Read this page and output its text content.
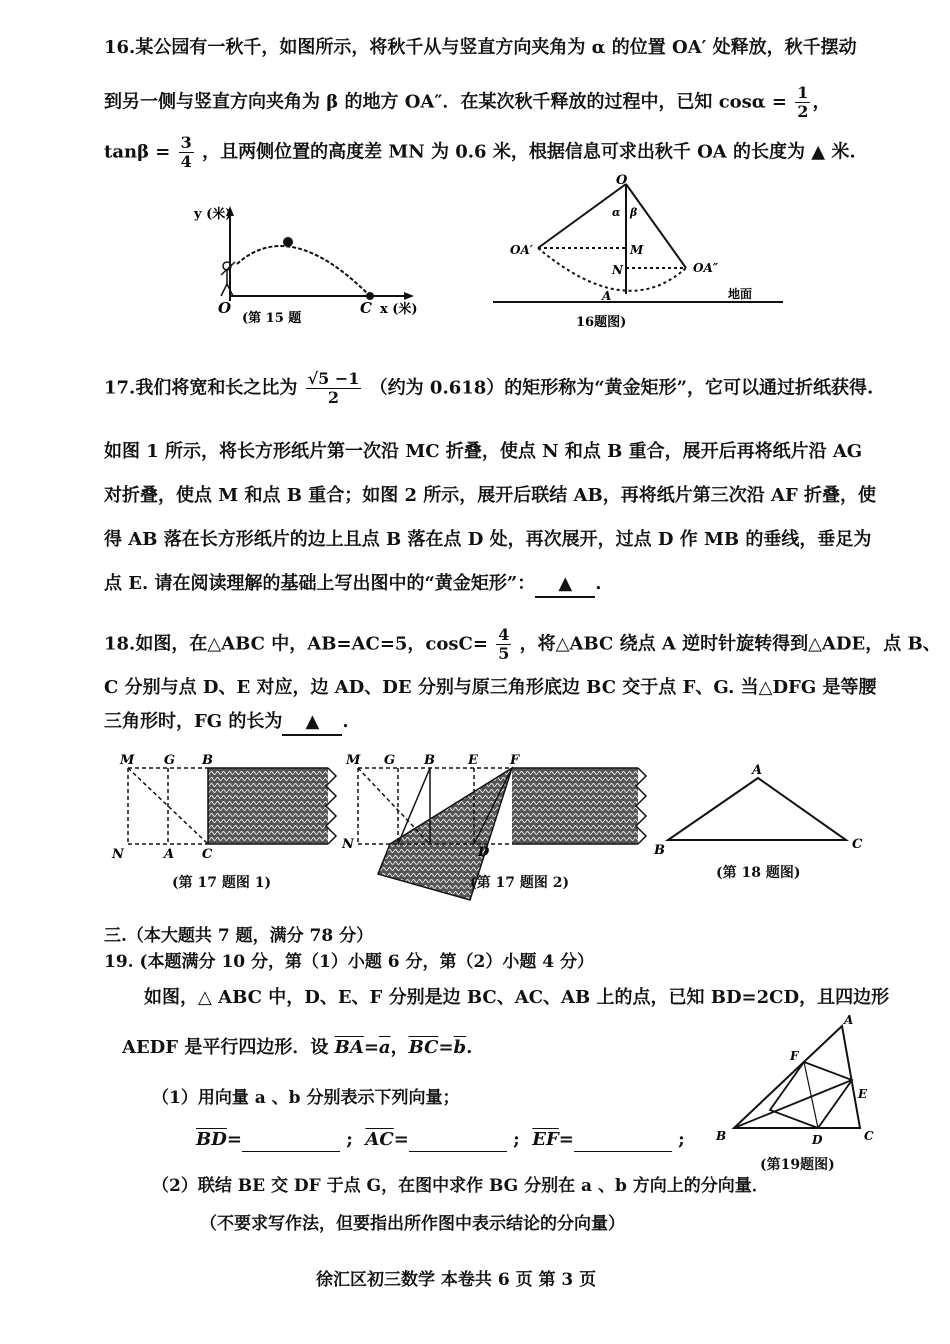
16.某公园有一秋千，如图所示，将秋千从与竖直方向夹角为 α 的位置 OA′ 处释放，秋千摆动
到另一侧与竖直方向夹角为 β 的地方 OA″．在某次秋千释放的过程中，已知 $\cos\alpha = \frac{1}{2}$ ，
$\tan\beta = \frac{3}{4}$ ，且两侧位置的高度差 MN 为 0.6 米，根据信息可求出秋千 OA 的长度为 ▲ 米.
y (米)
O	C x (米)
(第 15 题
O
α β
OA′
OA″
M
N
A	地面
16题图)
17.我们将宽和长之比为 $\frac{√5 -1}{2}$ （约为 0.618）的矩形称为“黄金矩形”，它可以通过折纸获得.
如图 1 所示，将长方形纸片第一次沿 MC 折叠，使点 N 和点 B 重合，展开后再将纸片沿 AG
对折叠，使点 M 和点 B 重合；如图 2 所示，展开后联结 AB，再将纸片第三次沿 AF 折叠，使
得 AB 落在长方形纸片的边上且点 B 落在点 D 处，再次展开，过点 D 作 MB 的垂线，垂足为
点 E. 请在阅读理解的基础上写出图中的“黄金矩形”： ▲ .
18.如图，在△ABC 中，AB=AC=5，$\cos C= \frac{4}{5}$ ，将△ABC 绕点 A 逆时针旋转得到△ADE，点 B、
C 分别与点 D、E 对应，边 AD、DE 分别与原三角形底边 BC 交于点 F、G. 当△DFG 是等腰
三角形时，FG 的长为 ▲ .
M G B
N	A C
(第 17 题图 1)
M G B	E F
N
D
(第 17 题图 2)
A
B	C
(第 18 题图)
三.（本大题共 7 题，满分 78 分）
19. (本题满分 10 分，第（1）小题 6 分，第（2）小题 4 分）
如图，△ ABC 中，D、E、F 分别是边 BC、AC、AB 上的点，已知 BD=2CD，且四边形
AEDF 是平行四边形．设 $\overline{BA}=\overline{a}$，$\overline{BC}=\overline{b}$.
（1）用向量 a 、b 分别表示下列向量；
$\overline{BD}=$	; $\overline{AC}=$	; $\overline{EF}=$	;
（2）联结 BE 交 DF 于点 G，在图中求作 BG 分别在 a 、b 方向上的分向量．
（不要求写作法，但要指出所作图中表示结论的分向量）
A
B	C
D
E
F
(第19题图)
徐汇区初三数学 本卷共 6 页 第 3 页
